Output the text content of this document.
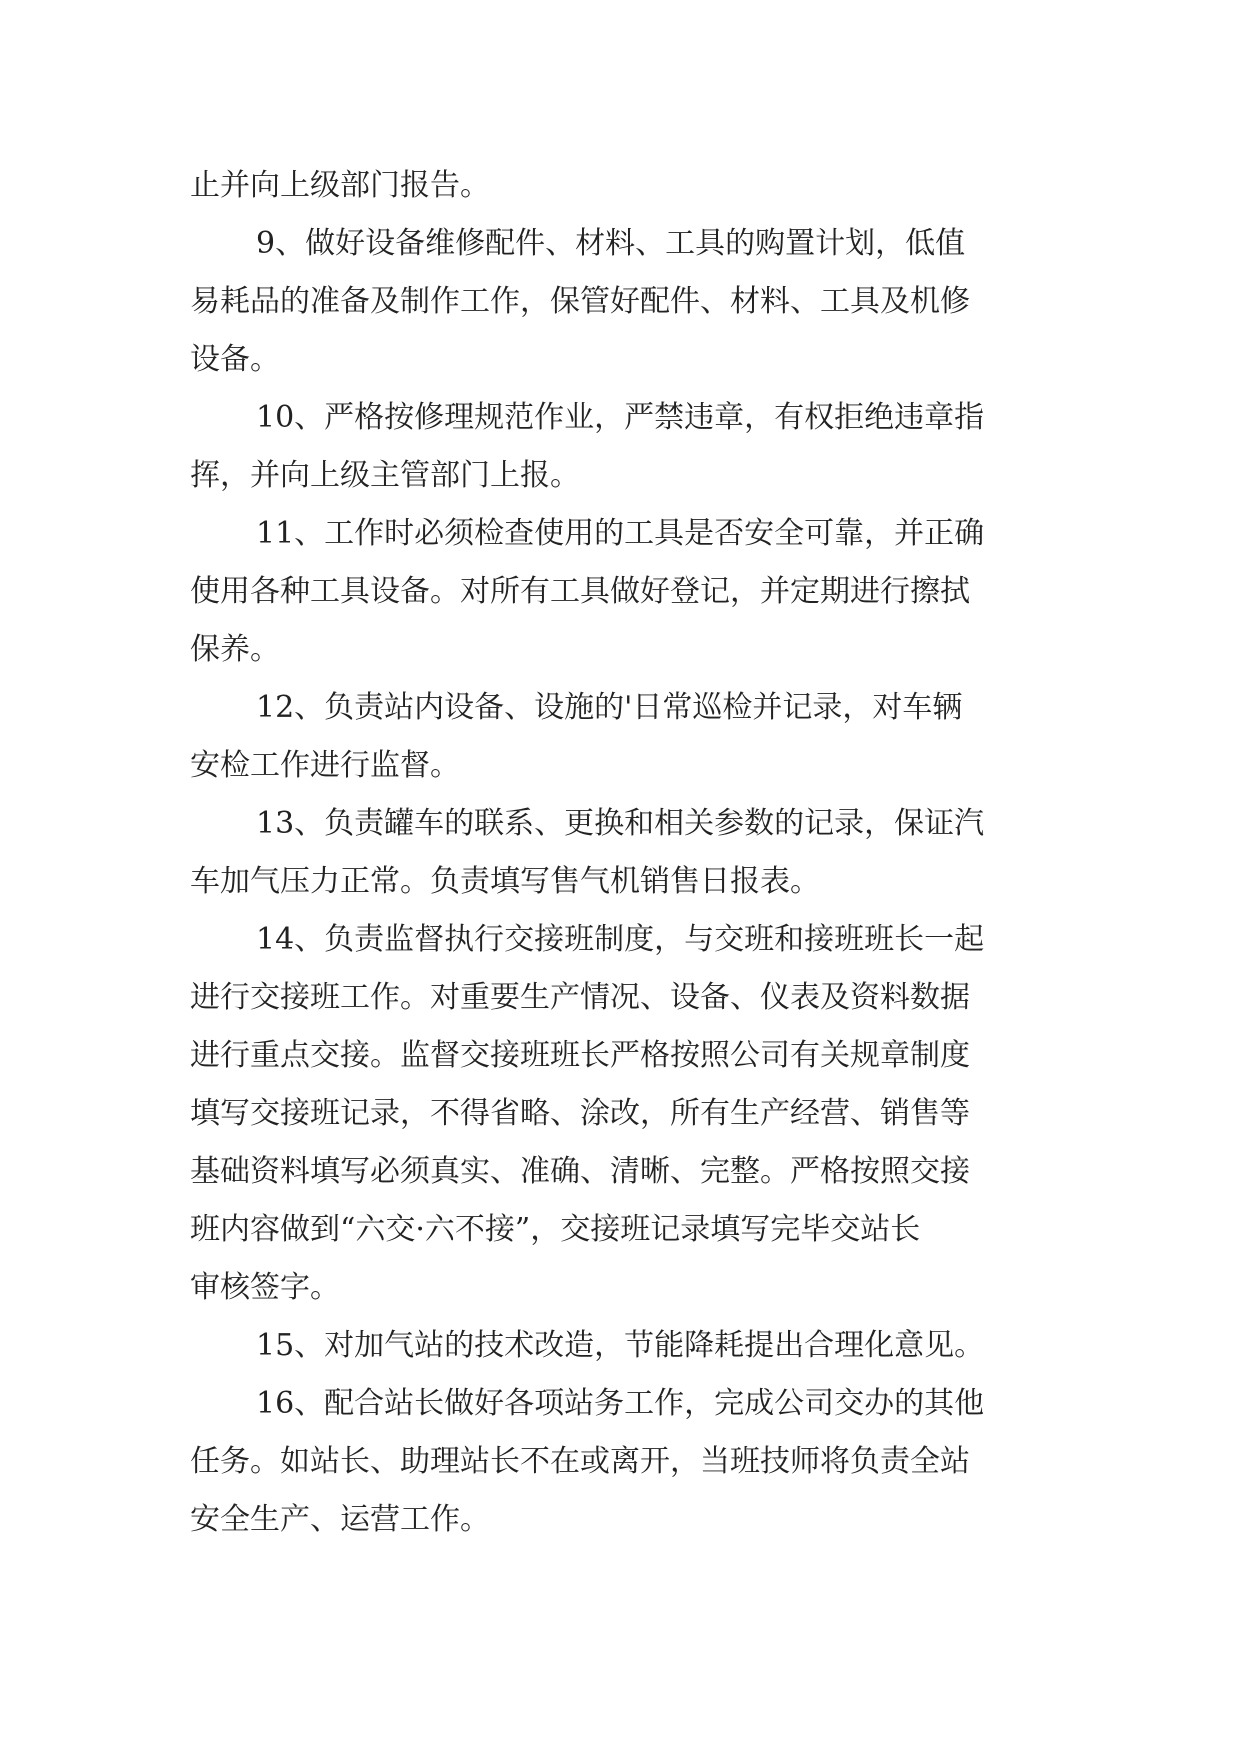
止并向上级部门报告。

9、做好设备维修配件、材料、工具的购置计划，低值

易耗品的准备及制作工作，保管好配件、材料、工具及机修

设备。

10、严格按修理规范作业，严禁违章，有权拒绝违章指

挥，并向上级主管部门上报。

11、工作时必须检查使用的工具是否安全可靠，并正确

使用各种工具设备。对所有工具做好登记，并定期进行擦拭

保养。

12、负责站内设备、设施的'日常巡检并记录，对车辆

安检工作进行监督。

13、负责罐车的联系、更换和相关参数的记录，保证汽

车加气压力正常。负责填写售气机销售日报表。

14、负责监督执行交接班制度，与交班和接班班长一起

进行交接班工作。对重要生产情况、设备、仪表及资料数据

进行重点交接。监督交接班班长严格按照公司有关规章制度

填写交接班记录，不得省略、涂改，所有生产经营、销售等

基础资料填写必须真实、准确、清晰、完整。严格按照交接

班内容做到“六交·六不接”，交接班记录填写完毕交站长

审核签字。

15、对加气站的技术改造，节能降耗提出合理化意见。

16、配合站长做好各项站务工作，完成公司交办的其他

任务。如站长、助理站长不在或离开，当班技师将负责全站

安全生产、运营工作。
